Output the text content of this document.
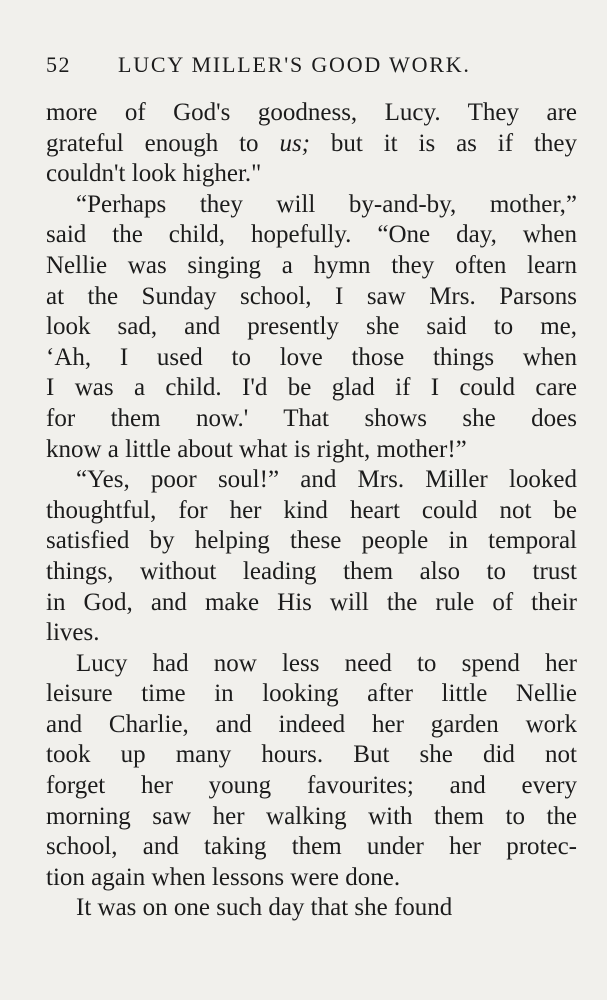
52	LUCY MILLER'S GOOD WORK.

more of God's goodness, Lucy. They are
grateful enough to us; but it is as if they
couldn't look higher."

“Perhaps they will by-and-by, mother,”
said the child, hopefully. “One day, when
Nellie was singing a hymn they often learn
at the Sunday school, I saw Mrs. Parsons
look sad, and presently she said to me,
‘Ah, I used to love those things when
I was a child. I'd be glad if I could care
for them now.' That shows she does
know a little about what is right, mother!”

“Yes, poor soul!” and Mrs. Miller looked
thoughtful, for her kind heart could not be
satisfied by helping these people in temporal
things, without leading them also to trust
in God, and make His will the rule of their
lives.

Lucy had now less need to spend her
leisure time in looking after little Nellie
and Charlie, and indeed her garden work
took up many hours. But she did not
forget her young favourites; and every
morning saw her walking with them to the
school, and taking them under her protec-
tion again when lessons were done.

It was on one such day that she found
